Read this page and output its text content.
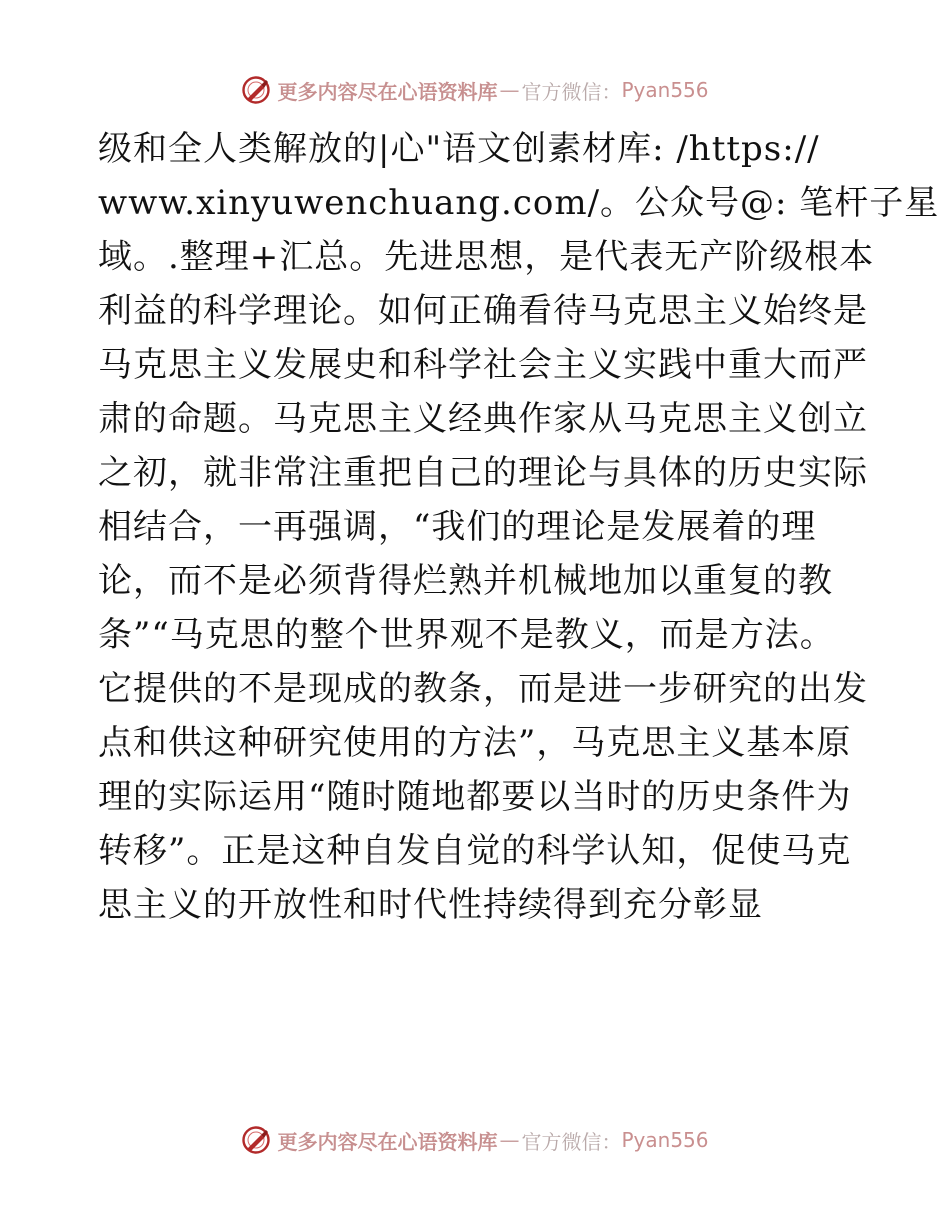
更多内容尽在心语资料库 — 官方微信： Pyan556
级和全人类解放的|心"语文创素材库: /https://
www.xinyuwenchuang.com/。公众号@: 笔杆子星
域。.整理+汇总。先进思想，是代表无产阶级根本
利益的科学理论。如何正确看待马克思主义始终是
马克思主义发展史和科学社会主义实践中重大而严
肃的命题。马克思主义经典作家从马克思主义创立
之初，就非常注重把自己的理论与具体的历史实际
相结合，一再强调，“我们的理论是发展着的理
论，而不是必须背得烂熟并机械地加以重复的教
条”“马克思的整个世界观不是教义，而是方法。
它提供的不是现成的教条，而是进一步研究的出发
点和供这种研究使用的方法”，马克思主义基本原
理的实际运用“随时随地都要以当时的历史条件为
转移”。正是这种自发自觉的科学认知，促使马克
思主义的开放性和时代性持续得到充分彰显
更多内容尽在心语资料库 — 官方微信： Pyan556
